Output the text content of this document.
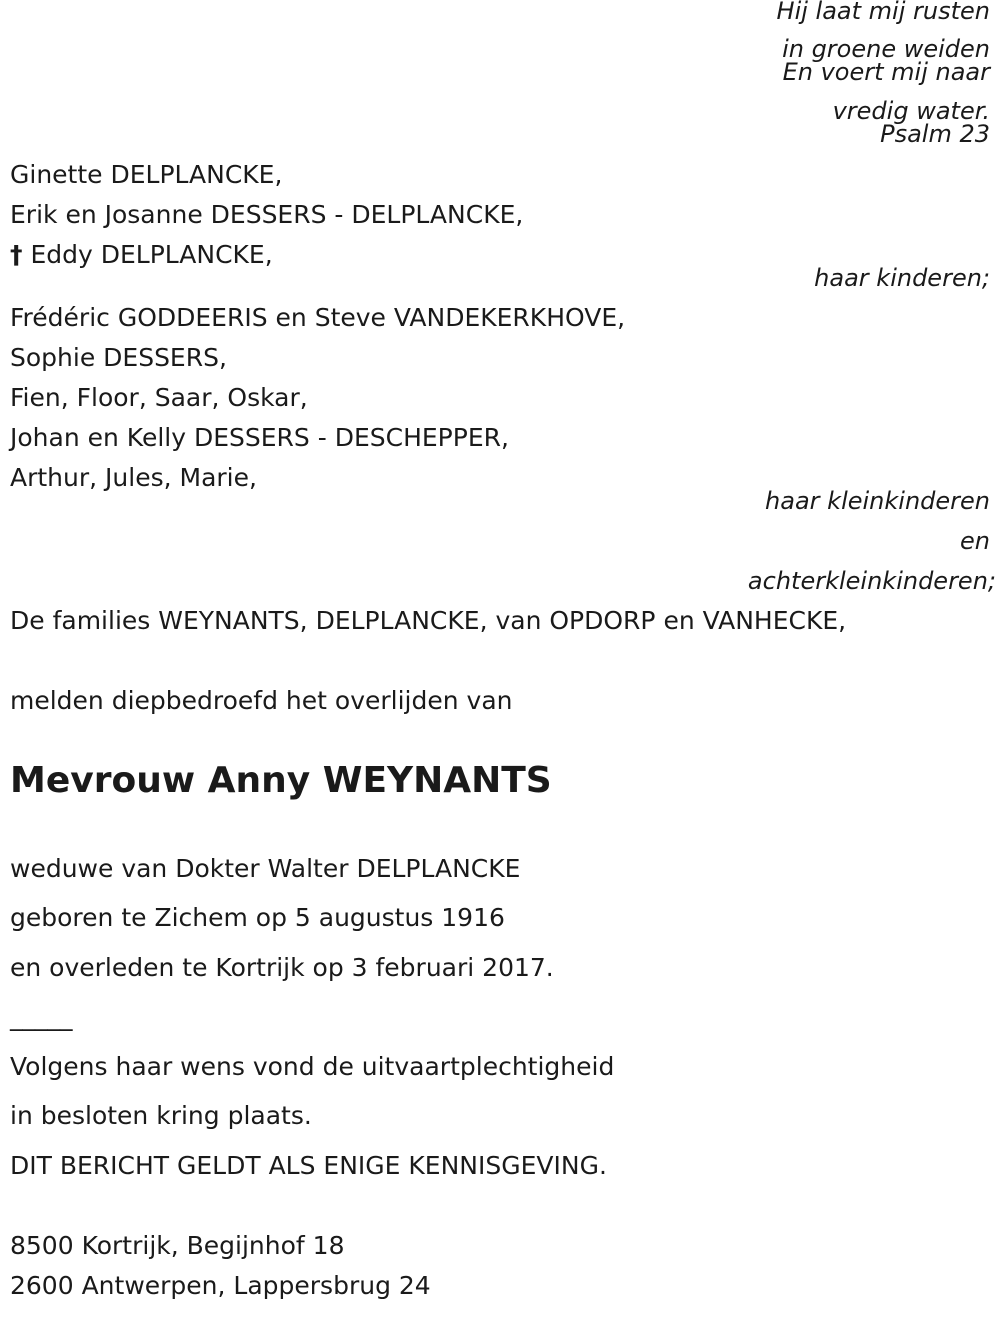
Hij laat mij rusten
in groene weiden
En voert mij naar
vredig water.
Psalm 23
Ginette DELPLANCKE,
Erik en Josanne DESSERS - DELPLANCKE,
† Eddy DELPLANCKE,
haar kinderen;
Frédéric GODDEERIS en Steve VANDEKERKHOVE,
Sophie DESSERS,
Fien, Floor, Saar, Oskar,
Johan en Kelly DESSERS - DESCHEPPER,
Arthur, Jules, Marie,
haar kleinkinderen
en
achterkleinkinderen;
De families WEYNANTS, DELPLANCKE, van OPDORP en VANHECKE,
melden diepbedroefd het overlijden van
Mevrouw Anny WEYNANTS
weduwe van Dokter Walter DELPLANCKE
geboren te Zichem op 5 augustus 1916
en overleden te Kortrijk op 3 februari 2017.
_____
Volgens haar wens vond de uitvaartplechtigheid
in besloten kring plaats.
DIT BERICHT GELDT ALS ENIGE KENNISGEVING.
8500 Kortrijk, Begijnhof 18
2600 Antwerpen, Lappersbrug 24
